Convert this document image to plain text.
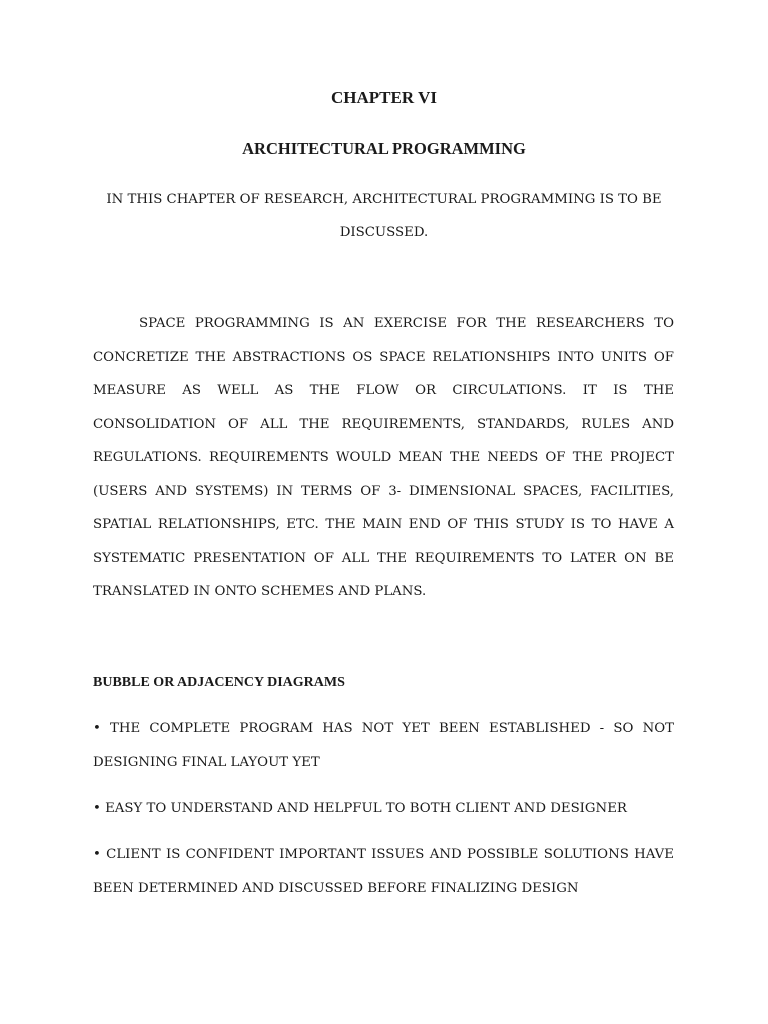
CHAPTER VI
ARCHITECTURAL PROGRAMMING
IN THIS CHAPTER OF RESEARCH, ARCHITECTURAL PROGRAMMING IS TO BE DISCUSSED.
SPACE PROGRAMMING IS AN EXERCISE FOR THE RESEARCHERS TO CONCRETIZE THE ABSTRACTIONS OS SPACE RELATIONSHIPS INTO UNITS OF MEASURE AS WELL AS THE FLOW OR CIRCULATIONS. IT IS THE CONSOLIDATION OF ALL THE REQUIREMENTS, STANDARDS, RULES AND REGULATIONS. REQUIREMENTS WOULD MEAN THE NEEDS OF THE PROJECT (USERS AND SYSTEMS) IN TERMS OF 3- DIMENSIONAL SPACES, FACILITIES, SPATIAL RELATIONSHIPS, ETC. THE MAIN END OF THIS STUDY IS TO HAVE A SYSTEMATIC PRESENTATION OF ALL THE REQUIREMENTS TO LATER ON BE TRANSLATED IN ONTO SCHEMES AND PLANS.
BUBBLE OR ADJACENCY DIAGRAMS
• THE COMPLETE PROGRAM HAS NOT YET BEEN ESTABLISHED - SO NOT DESIGNING FINAL LAYOUT YET
• EASY TO UNDERSTAND AND HELPFUL TO BOTH CLIENT AND DESIGNER
• CLIENT IS CONFIDENT IMPORTANT ISSUES AND POSSIBLE SOLUTIONS HAVE BEEN DETERMINED AND DISCUSSED BEFORE FINALIZING DESIGN
